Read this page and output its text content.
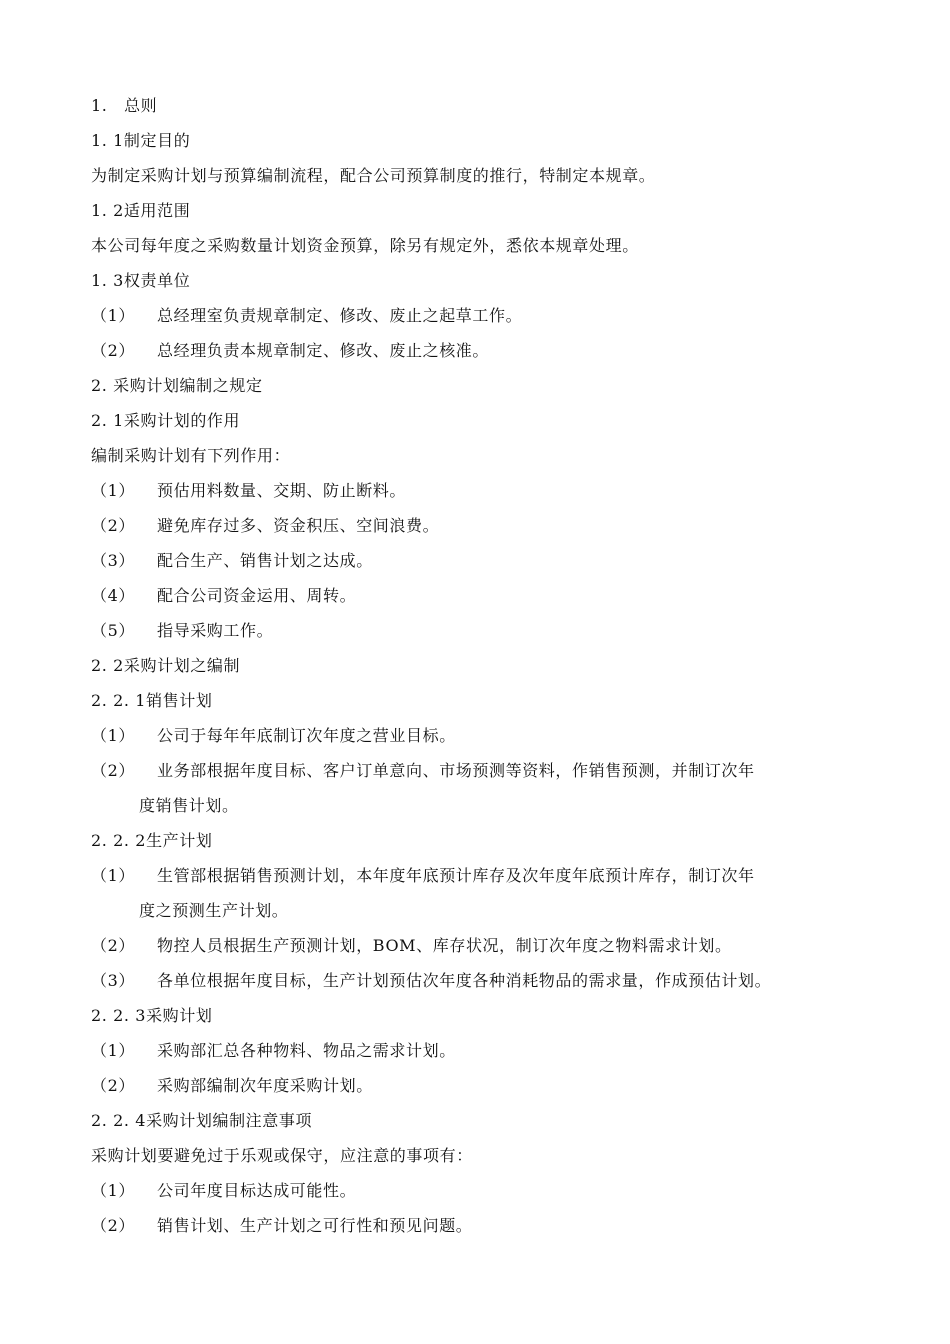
1.　总则
1. 1制定目的
为制定采购计划与预算编制流程，配合公司预算制度的推行，特制定本规章。
1. 2适用范围
本公司每年度之采购数量计划资金预算，除另有规定外，悉依本规章处理。
1. 3权责单位
（1） 总经理室负责规章制定、修改、废止之起草工作。
（2） 总经理负责本规章制定、修改、废止之核准。
2. 采购计划编制之规定
2. 1采购计划的作用
编制采购计划有下列作用：
（1） 预估用料数量、交期、防止断料。
（2） 避免库存过多、资金积压、空间浪费。
（3） 配合生产、销售计划之达成。
（4） 配合公司资金运用、周转。
（5） 指导采购工作。
2. 2采购计划之编制
2. 2. 1销售计划
（1） 公司于每年年底制订次年度之营业目标。
（2） 业务部根据年度目标、客户订单意向、市场预测等资料，作销售预测，并制订次年
度销售计划。
2. 2. 2生产计划
（1） 生管部根据销售预测计划，本年度年底预计库存及次年度年底预计库存，制订次年
度之预测生产计划。
（2） 物控人员根据生产预测计划，BOM、库存状况，制订次年度之物料需求计划。
（3） 各单位根据年度目标，生产计划预估次年度各种消耗物品的需求量，作成预估计划。
2. 2. 3采购计划
（1） 采购部汇总各种物料、物品之需求计划。
（2） 采购部编制次年度采购计划。
2. 2. 4采购计划编制注意事项
采购计划要避免过于乐观或保守，应注意的事项有：
（1） 公司年度目标达成可能性。
（2） 销售计划、生产计划之可行性和预见问题。
